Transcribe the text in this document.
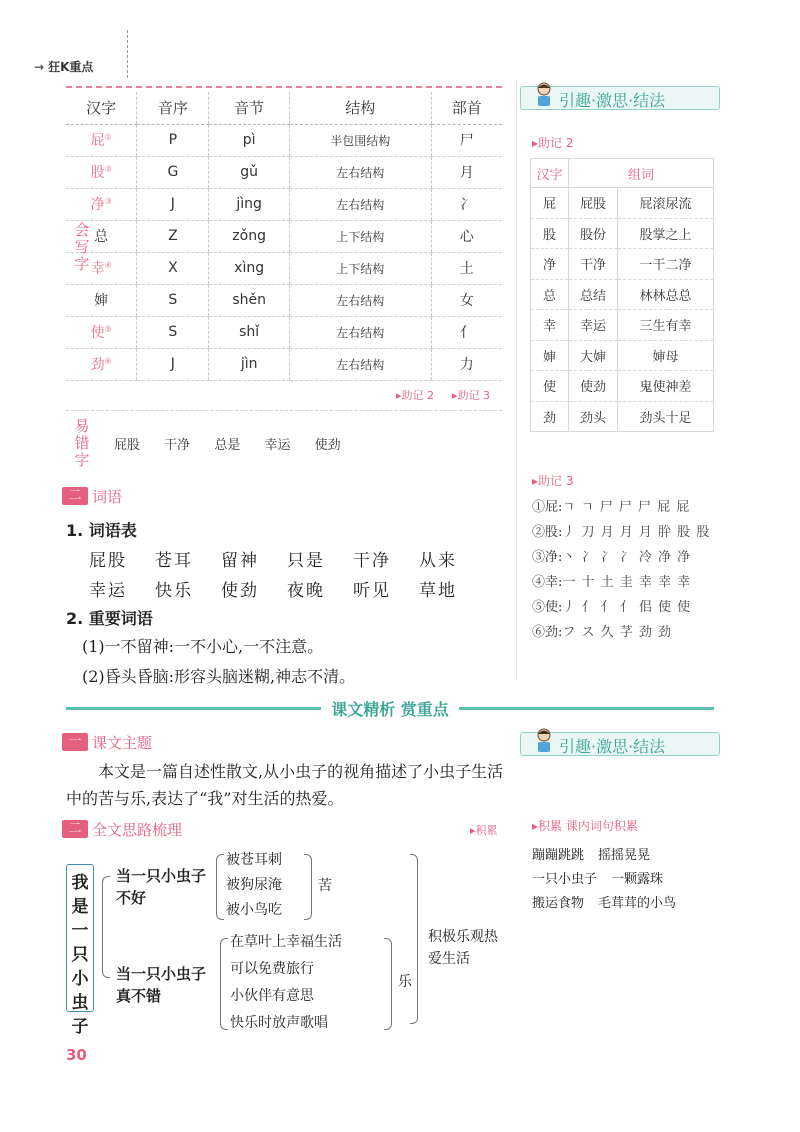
→ 狂K重点
汉字	音序	音节	结构	部首
屁①	P	pì	半包围结构	尸
股②	G	gǔ	左右结构	月
净③	J	jìng	左右结构	冫
总	Z	zǒng	上下结构	心
幸④	X	xìng	上下结构	土
婶	S	shěn	左右结构	女
使⑤	S	shǐ	左右结构	亻
劲⑥	J	jìn	左右结构	力
会写字
▸助记 2 ▸助记 3
易错字
屁股 干净 总是 幸运 使劲
二 词语
1. 词语表
屁股 苍耳 留神 只是 干净 从来
幸运 快乐 使劲 夜晚 听见 草地
2. 重要词语
(1)一不留神:一不小心,一不注意。
(2)昏头昏脑:形容头脑迷糊,神志不清。
课文精析 赏重点
一 课文主题
本文是一篇自述性散文,从小虫子的视角描述了小虫子生活中的苦与乐,表达了“我”对生活的热爱。
二 全文思路梳理	▸积累
我是一只小虫子
当一只小虫子不好
被苍耳刺
被狗尿淹
被小鸟吃
苦
当一只小虫子真不错
在草叶上幸福生活
可以免费旅行
小伙伴有意思
快乐时放声歌唱
乐
积极乐观热爱生活
引趣·激思·结法
▸助记 2
汉字	组词	
屁	屁股	屁滚尿流
股	股份	股掌之上
净	干净	一干二净
总	总结	林林总总
幸	幸运	三生有幸
婶	大婶	婶母
使	使劲	鬼使神差
劲	劲头	劲头十足
▸助记 3
①屁:ㄱ ㄱ 尸 尸 尸 屁 屁
②股:丿 刀 月 月 月 肸 股 股
③净:丶 冫 冫 冫 冷 净 净
④幸:一 十 土 圭 幸 幸 幸
⑤使:丿 亻 亻 亻 佀 使 使
⑥劲:フ ス 久 芓 劲 劲
引趣·激思·结法
▸积累 课内词句积累
蹦蹦跳跳 摇摇晃晃
一只小虫子 一颗露珠
搬运食物 毛茸茸的小鸟
30
